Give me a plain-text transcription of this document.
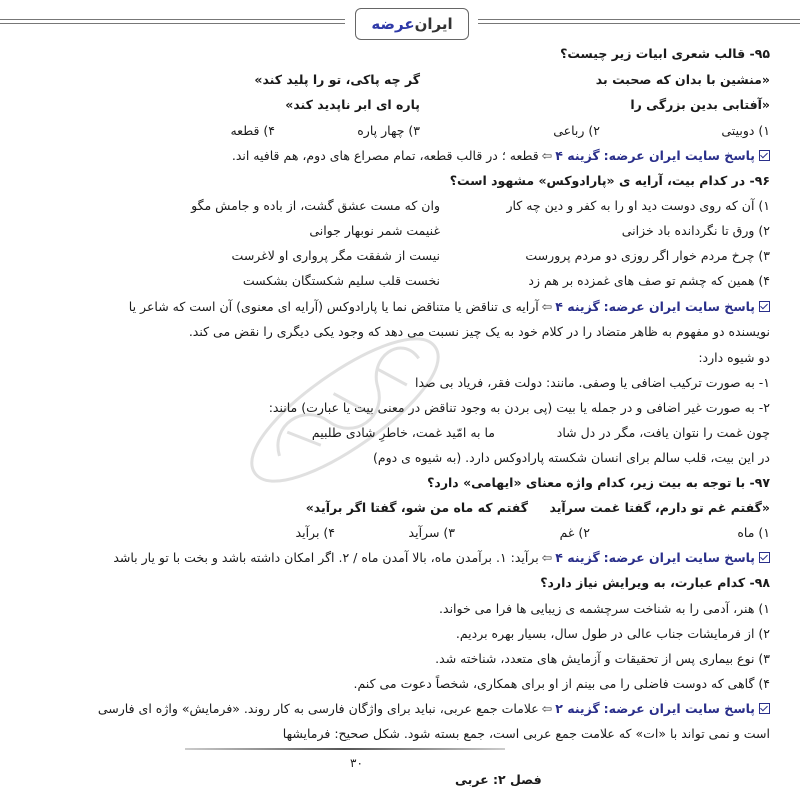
ایران
عرضه
۹۵- قالب شعری ابیات زیر چیست؟
«منشین با بدان که صحبت بد
گر چه پاکی، تو را پلید کند»
«آفتابی بدین بزرگی را
پاره ای ابر ناپدید کند»
۱) دوبیتی
۲) رباعی
۳) چهار پاره
۴) قطعه
پاسخ سایت ایران عرضه: گزینه ۴⇦قطعه ؛ در قالب قطعه، تمام مصراع های دوم، هم قافیه اند.
۹۶- در کدام بیت، آرایه ی «پارادوکس» مشهود است؟
۱) آن که روی دوست دید او را به کفر و دین چه کار
وان که مست عشق گشت، از باده و جامش مگو
۲) ورق تا نگردانده باد خزانی
غنیمت شمر نوبهار جوانی
۳) چرخ مردم خوار اگر روزی دو مردم پرورست
نیست از شفقت مگر پرواری او لاغرست
۴) همین که چشم تو صف های غمزده بر هم زد
نخست قلب سلیم شکستگان بشکست
پاسخ سایت ایران عرضه: گزینه ۴⇦آرایه ی تناقض یا متناقض نما یا پارادوکس (آرایه ای معنوی) آن است که شاعر یا
نویسنده دو مفهوم به ظاهر متضاد را در کلام خود به یک چیز نسبت می دهد که وجود یکی دیگری را نقض می کند.
دو شیوه دارد:
۱- به صورت ترکیب اضافی یا وصفی. مانند: دولت فقر، فریاد بی صدا
۲- به صورت غیر اضافی و در جمله یا بیت (پی بردن به وجود تناقض در معنی بیت یا عبارت) مانند:
چون غمت را نتوان یافت، مگر در دل شاد
ما به امّید غمت، خاطرِ شادی طلبیم
در این بیت، قلب سالم برای انسان شکسته پارادوکس دارد. (به شیوه ی دوم)
۹۷- با توجه به بیت زیر، کدام واژه معنای «ایهامی» دارد؟
«گفتم غم تو دارم، گفتا غمت سرآید
گفتم که ماه من شو، گفتا اگر برآید»
۱) ماه
۲) غم
۳) سرآید
۴) برآید
پاسخ سایت ایران عرضه: گزینه ۴⇦برآید: ۱. برآمدن ماه، بالا آمدن ماه / ۲. اگر امکان داشته باشد و بخت با تو یار باشد
۹۸- کدام عبارت، به ویرایش نیاز دارد؟
۱) هنر، آدمی را به شناخت سرچشمه ی زیبایی ها فرا می خواند.
۲) از فرمایشات جناب عالی در طول سال، بسیار بهره بردیم.
۳) نوع بیماری پس از تحقیقات و آزمایش های متعدد، شناخته شد.
۴) گاهی که دوست فاضلی را می بینم از او برای همکاری، شخصاً دعوت می کنم.
پاسخ سایت ایران عرضه: گزینه ۲⇦علامات جمع عربی، نباید برای واژگان فارسی به کار روند. «فرمایش» واژه ای فارسی
است و نمی تواند با «ات» که علامت جمع عربی است، جمع بسته شود. شکل صحیح: فرمایشها
۳۰
فصل ۲: عربی
